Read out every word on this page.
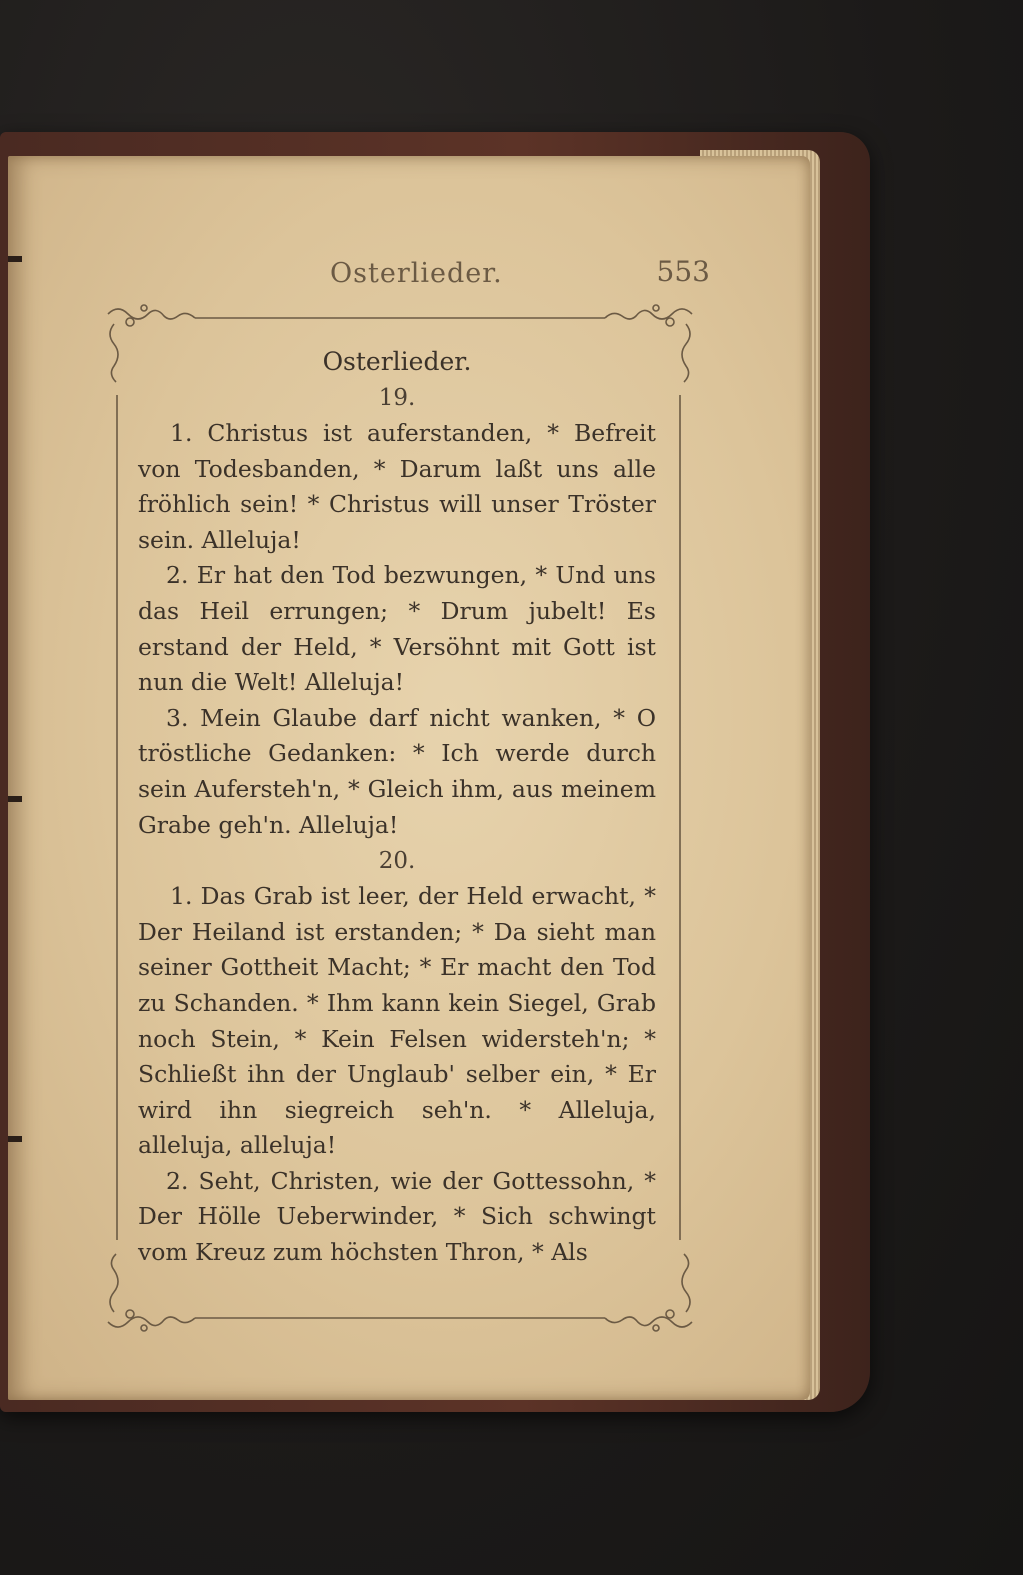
Osterlieder.	553

Osterlieder.

19.

1. Christus ist auferstanden, * Befreit von Todesbanden, * Darum laßt uns alle fröhlich sein! * Christus will unser Tröster sein. Alleluja!

2. Er hat den Tod bezwungen, * Und uns das Heil errungen; * Drum jubelt! Es erstand der Held, * Versöhnt mit Gott ist nun die Welt! Alleluja!

3. Mein Glaube darf nicht wanken, * O tröstliche Gedanken: * Ich werde durch sein Aufersteh'n, * Gleich ihm, aus meinem Grabe geh'n. Alleluja!

20.

1. Das Grab ist leer, der Held erwacht, * Der Heiland ist erstanden; * Da sieht man seiner Gottheit Macht; * Er macht den Tod zu Schanden. * Ihm kann kein Siegel, Grab noch Stein, * Kein Felsen widersteh'n; * Schließt ihn der Unglaub' selber ein, * Er wird ihn siegreich seh'n. * Alleluja, alleluja, alleluja!

2. Seht, Christen, wie der Gottessohn, * Der Hölle Ueberwinder, * Sich schwingt vom Kreuz zum höchsten Thron, * Als
